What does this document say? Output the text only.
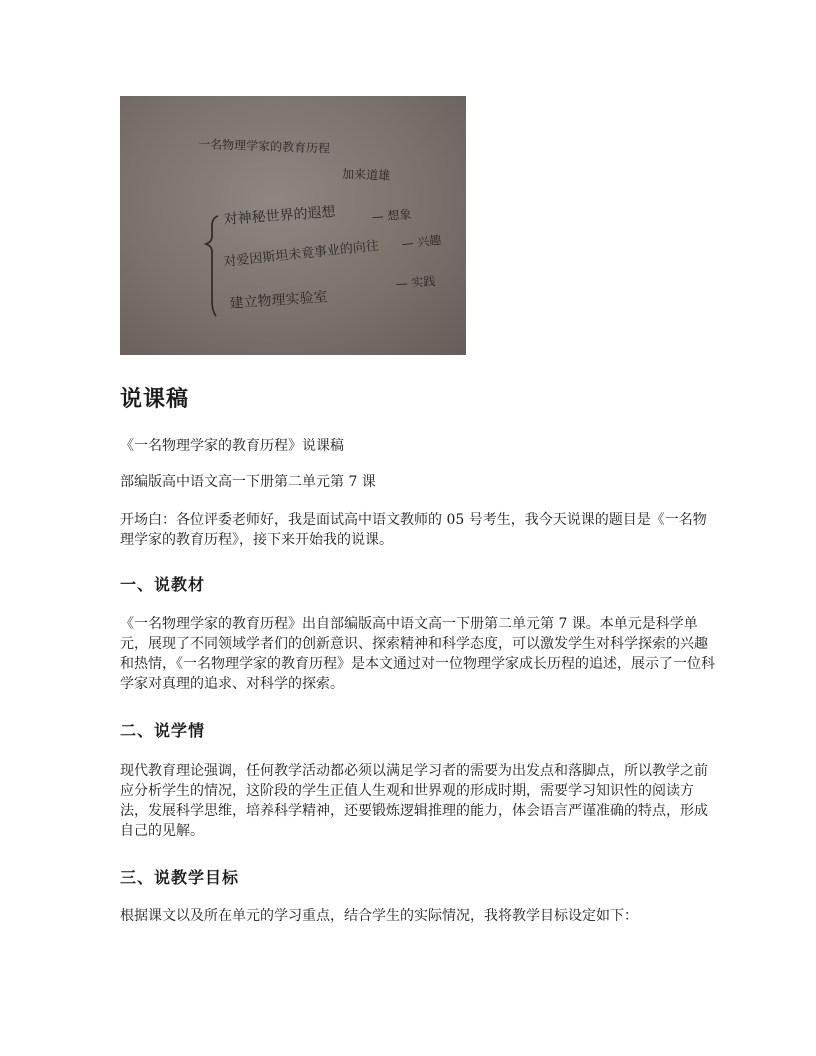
一名物理学家的教育历程
加来道雄
对神秘世界的遐想	— 想象
对爱因斯坦未竟事业的向往 — 兴趣
建立物理实验室
— 实践
说课稿

《一名物理学家的教育历程》说课稿

部编版高中语文高一下册第二单元第 7 课

开场白：各位评委老师好，我是面试高中语文教师的 05 号考生，我今天说课的题目是《一名物理学家的教育历程》，接下来开始我的说课。

一、说教材

《一名物理学家的教育历程》出自部编版高中语文高一下册第二单元第 7 课。本单元是科学单元，展现了不同领域学者们的创新意识、探索精神和科学态度，可以激发学生对科学探索的兴趣和热情，《一名物理学家的教育历程》是本文通过对一位物理学家成长历程的追述，展示了一位科学家对真理的追求、对科学的探索。

二、说学情

现代教育理论强调，任何教学活动都必须以满足学习者的需要为出发点和落脚点，所以教学之前应分析学生的情况，这阶段的学生正值人生观和世界观的形成时期，需要学习知识性的阅读方法，发展科学思维，培养科学精神，还要锻炼逻辑推理的能力，体会语言严谨准确的特点，形成自己的见解。

三、说教学目标

根据课文以及所在单元的学习重点，结合学生的实际情况，我将教学目标设定如下：
